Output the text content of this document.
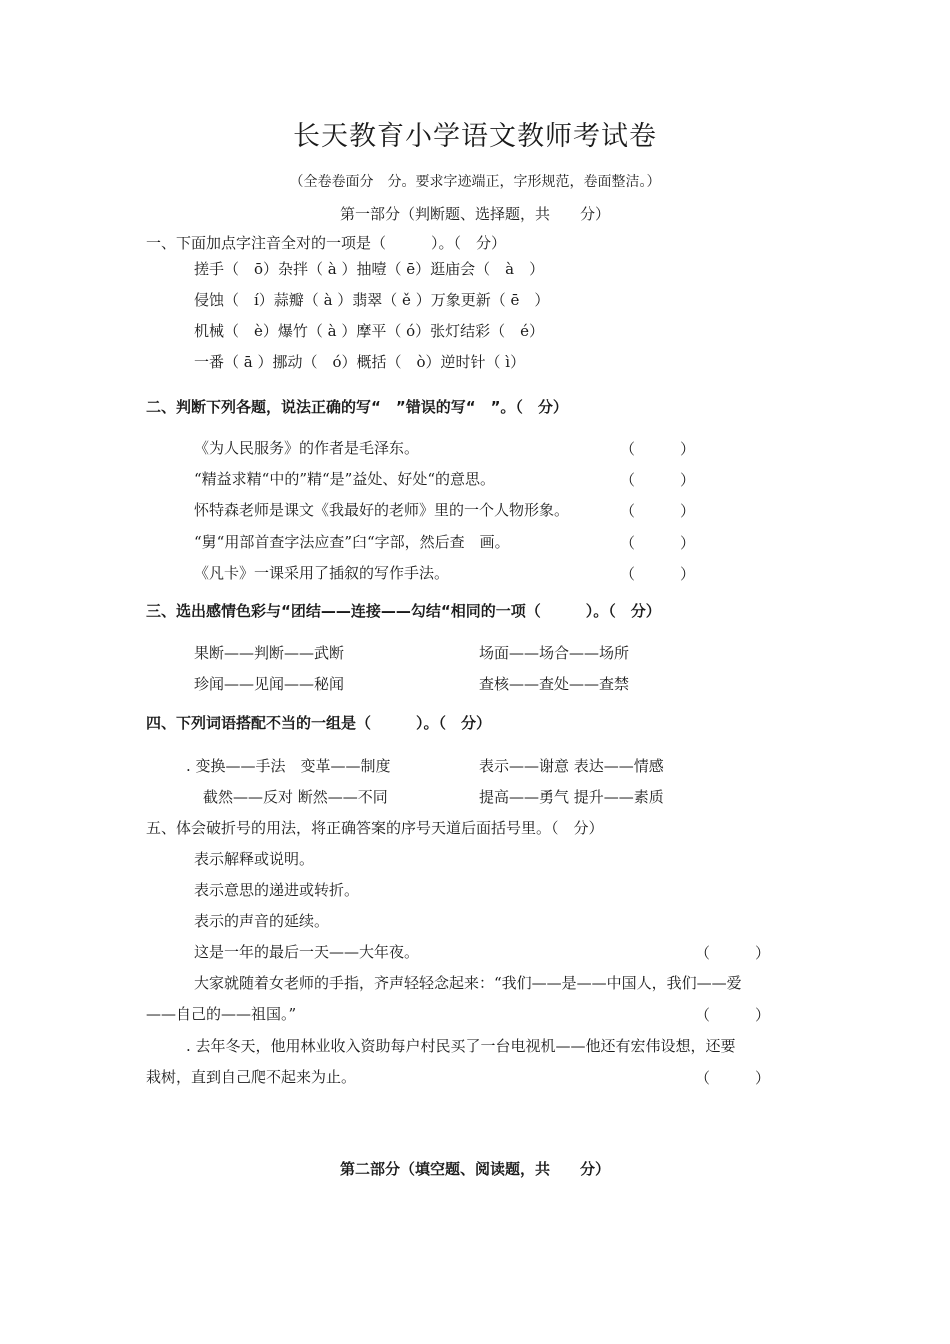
长天教育小学语文教师考试卷
（全卷卷面分　分。要求字迹端正，字形规范，卷面整洁。）
第一部分（判断题、选择题，共　　分）
一、下面加点字注音全对的一项是（　　　）。（　分）
搓手（　ō）杂拌（ à ）抽噎（ ē）逛庙会（　à　）
侵蚀（　í）蒜瓣（ à ）翡翠（ ě ）万象更新（ ē　）
机械（　è）爆竹（ à ）摩平（ ó）张灯结彩（　é）
一番（ ā ）挪动（　ó）概括（　ò）逆时针（ ì）
二、判断下列各题，说法正确的写“　”错误的写“　”。（　分）
《为人民服务》的作者是毛泽东。	（　　　）
“精益求精“中的”精“是”益处、好处“的意思。	（　　　）
怀特森老师是课文《我最好的老师》里的一个人物形象。	（　　　）
“舅“用部首查字法应查”臼“字部，然后查　画。	（　　　）
《凡卡》一课采用了插叙的写作手法。	（　　　）
三、选出感情色彩与“团结——连接——勾结“相同的一项（　　　）。（　分）
果断——判断——武断	场面——场合——场所
珍闻——见闻——秘闻	查核——查处——查禁
四、下列词语搭配不当的一组是（　　　）。（　分）
. 变换——手法　变革——制度	表示——谢意 表达——情感
截然——反对 断然——不同	提高——勇气 提升——素质
五、体会破折号的用法，将正确答案的序号天道后面括号里。（　分）
表示解释或说明。
表示意思的递进或转折。
表示的声音的延续。
这是一年的最后一天——大年夜。	（　　　）
大家就随着女老师的手指，齐声轻轻念起来：“我们——是——中国人，我们——爱
——自己的——祖国。”	（　　　）
. 去年冬天，他用林业收入资助每户村民买了一台电视机——他还有宏伟设想，还要
栽树，直到自己爬不起来为止。	（　　　）
第二部分（填空题、阅读题，共　　分）
